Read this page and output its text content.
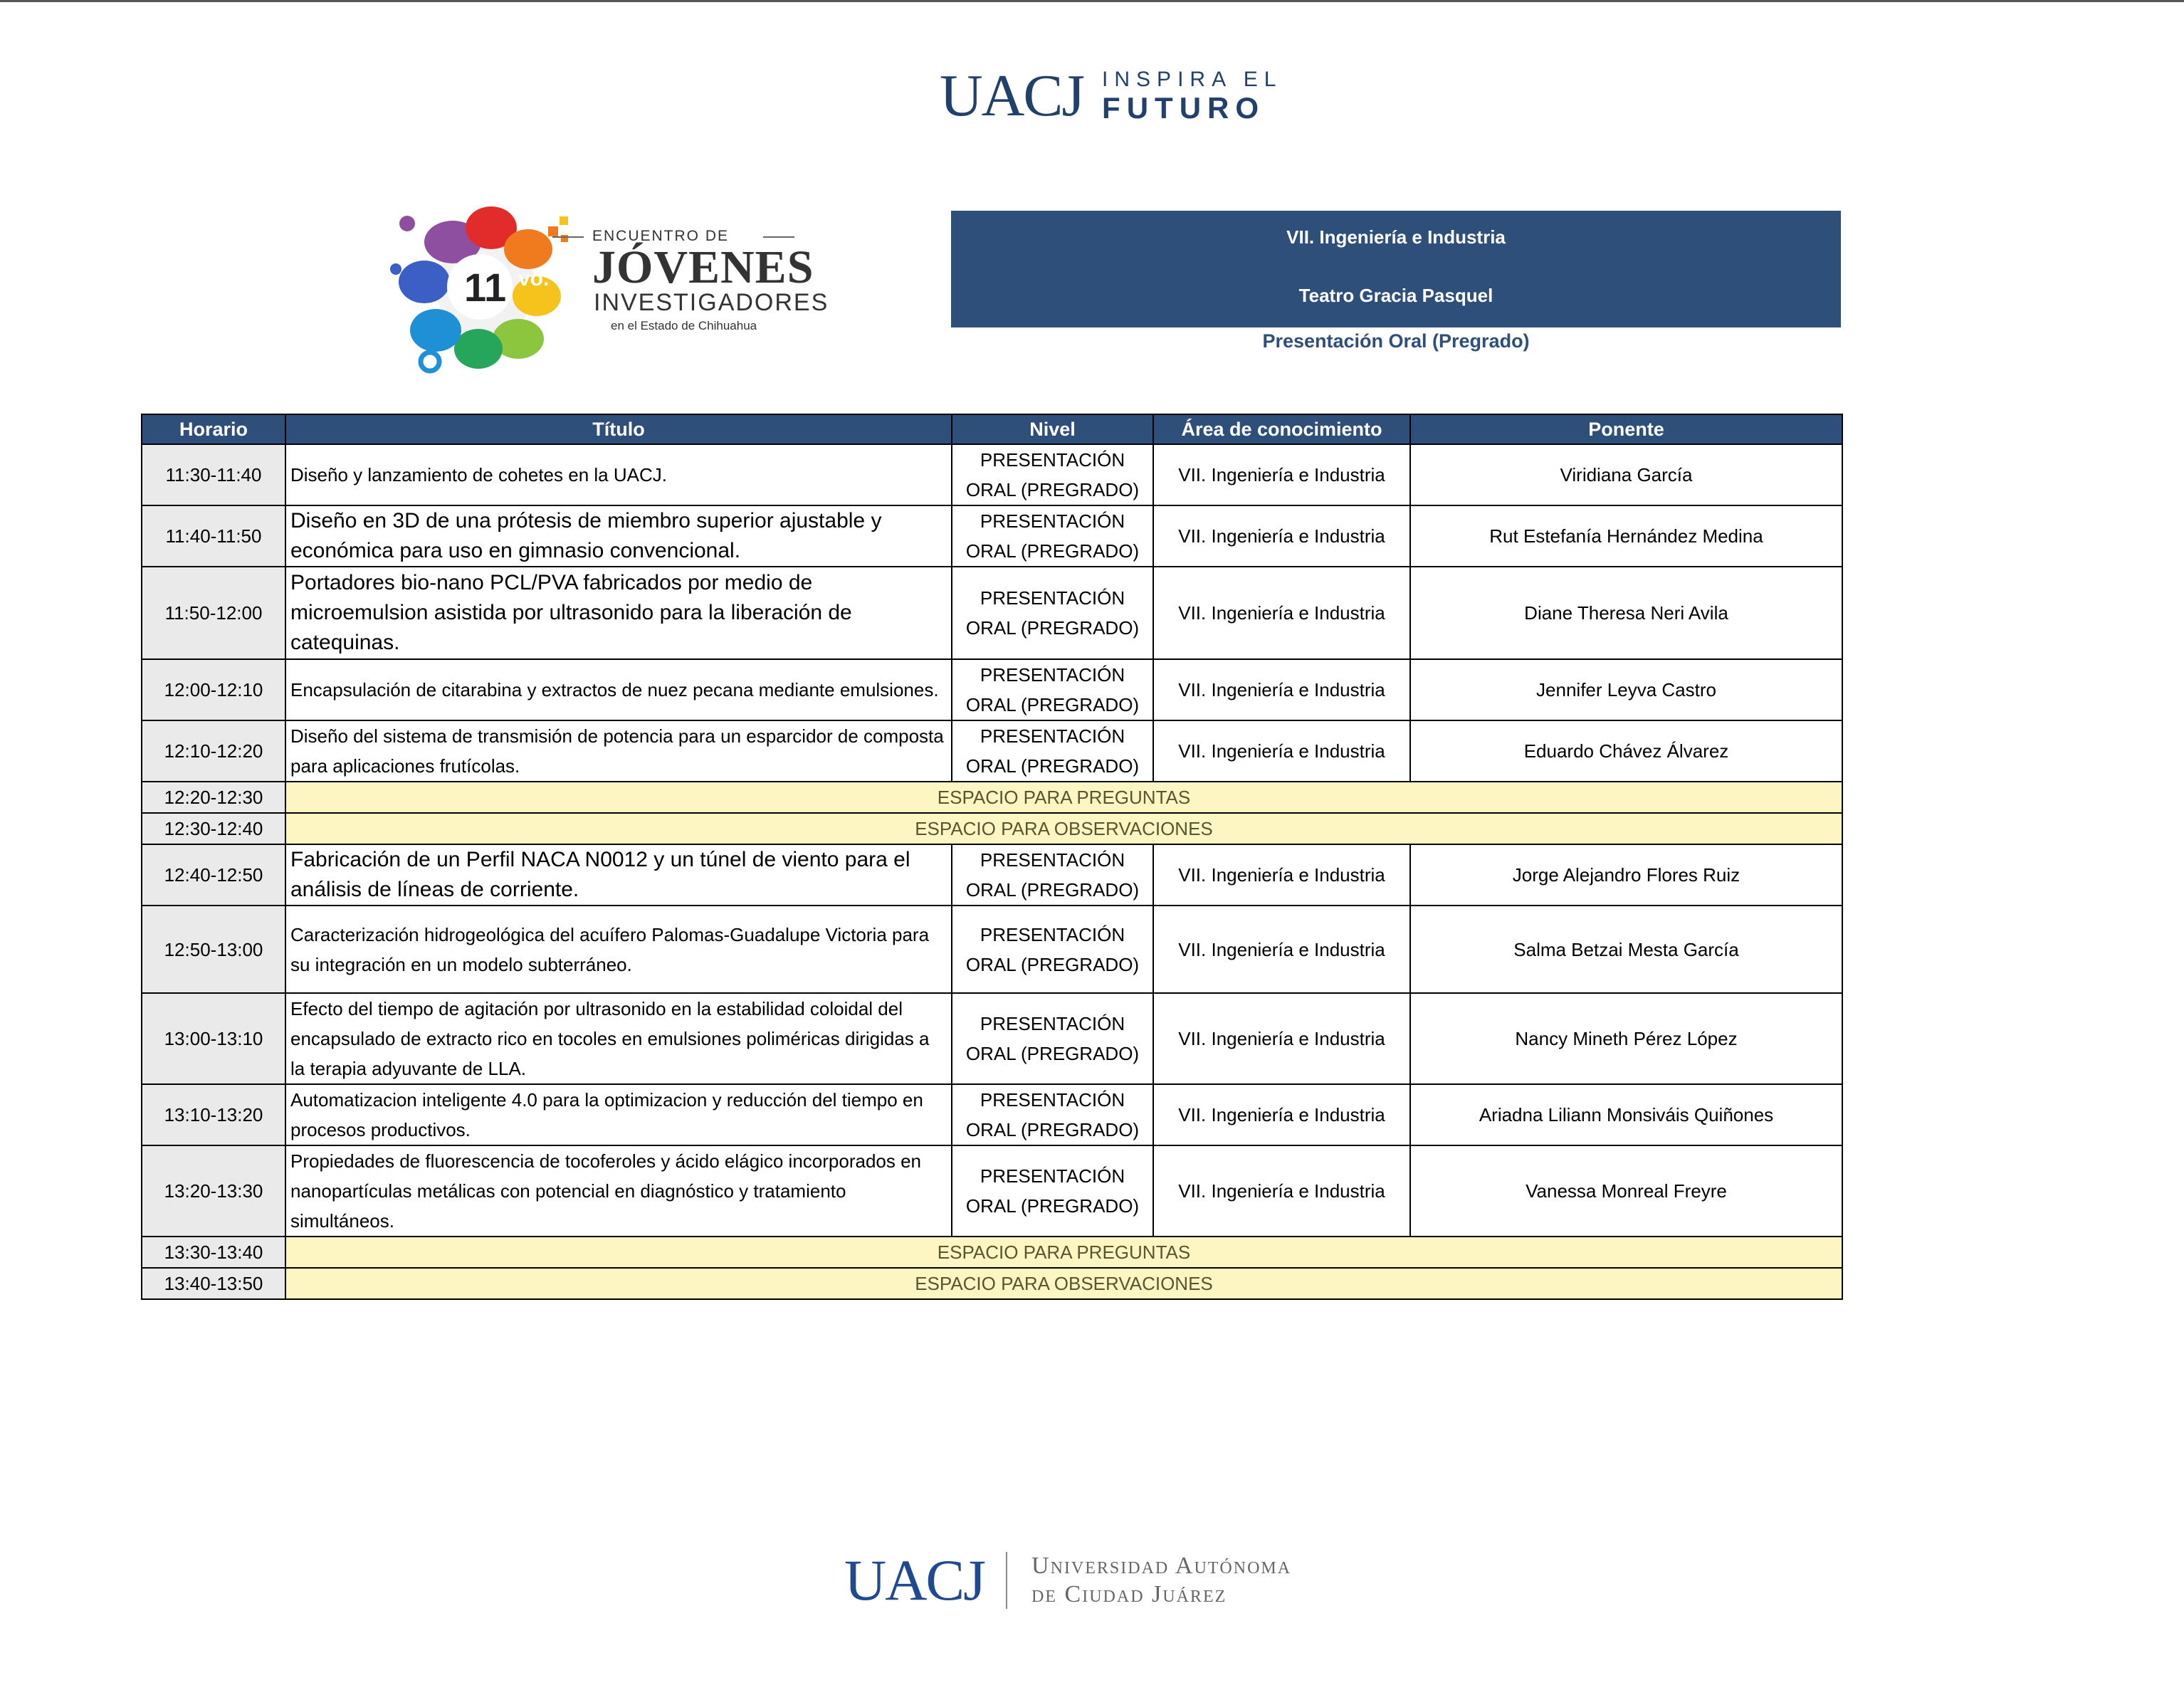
UACJ INSPIRA EL
FUTURO
11 vo.
ENCUENTRO DE
JÓVENES
INVESTIGADORES
en el Estado de Chihuahua
VII. Ingeniería e Industria
Teatro Gracia Pasquel
Presentación Oral (Pregrado)
Horario	Título	Nivel	Área de conocimiento	Ponente
11:30-11:40	Diseño y lanzamiento de cohetes en la UACJ.	PRESENTACIÓN ORAL (PREGRADO)	VII. Ingeniería e Industria	Viridiana García
11:40-11:50	Diseño en 3D de una prótesis de miembro superior ajustable y económica para uso en gimnasio convencional.	PRESENTACIÓN ORAL (PREGRADO)	VII. Ingeniería e Industria	Rut Estefanía Hernández Medina
11:50-12:00	Portadores bio-nano PCL/PVA fabricados por medio de microemulsion asistida por ultrasonido para la liberación de catequinas.	PRESENTACIÓN ORAL (PREGRADO)	VII. Ingeniería e Industria	Diane Theresa Neri Avila
12:00-12:10	Encapsulación de citarabina y extractos de nuez pecana mediante emulsiones.	PRESENTACIÓN ORAL (PREGRADO)	VII. Ingeniería e Industria	Jennifer Leyva Castro
12:10-12:20	Diseño del sistema de transmisión de potencia para un esparcidor de composta para aplicaciones frutícolas.	PRESENTACIÓN ORAL (PREGRADO)	VII. Ingeniería e Industria	Eduardo Chávez Álvarez
12:20-12:30	ESPACIO PARA PREGUNTAS			
12:30-12:40	ESPACIO PARA OBSERVACIONES			
12:40-12:50	Fabricación de un Perfil NACA N0012 y un túnel de viento para el análisis de líneas de corriente.	PRESENTACIÓN ORAL (PREGRADO)	VII. Ingeniería e Industria	Jorge Alejandro Flores Ruiz
12:50-13:00	Caracterización hidrogeológica del acuífero Palomas-Guadalupe Victoria para su integración en un modelo subterráneo.	PRESENTACIÓN ORAL (PREGRADO)	VII. Ingeniería e Industria	Salma Betzai Mesta García
13:00-13:10	Efecto del tiempo de agitación por ultrasonido en la estabilidad coloidal del encapsulado de extracto rico en tocoles en emulsiones poliméricas dirigidas a la terapia adyuvante de LLA.	PRESENTACIÓN ORAL (PREGRADO)	VII. Ingeniería e Industria	Nancy Mineth Pérez López
13:10-13:20	Automatizacion inteligente 4.0 para la optimizacion y reducción del tiempo en procesos productivos.	PRESENTACIÓN ORAL (PREGRADO)	VII. Ingeniería e Industria	Ariadna Liliann Monsiváis Quiñones
13:20-13:30	Propiedades de fluorescencia de tocoferoles y ácido elágico incorporados en nanopartículas metálicas con potencial en diagnóstico y tratamiento simultáneos.	PRESENTACIÓN ORAL (PREGRADO)	VII. Ingeniería e Industria	Vanessa Monreal Freyre
13:30-13:40	ESPACIO PARA PREGUNTAS			
13:40-13:50	ESPACIO PARA OBSERVACIONES			
UACJ Universidad Autónoma
de Ciudad Juárez
